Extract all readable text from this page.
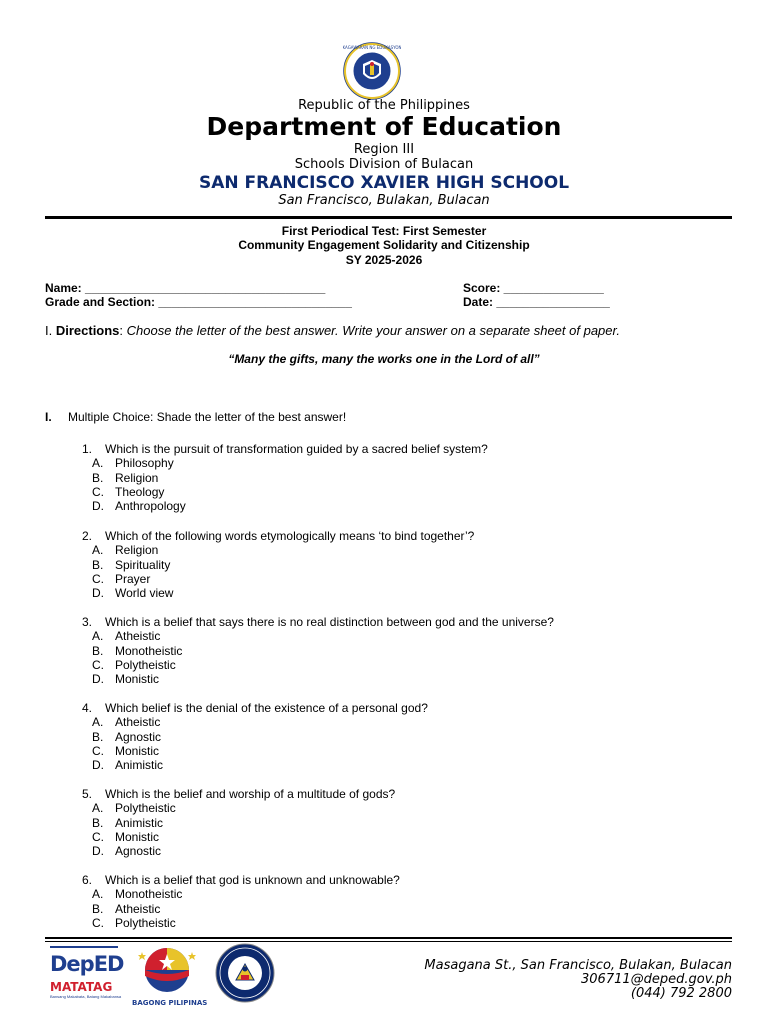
KAGAWARAN NG EDUKASYON
Republic of the Philippines
Department of Education
Region III
Schools Division of Bulacan
SAN FRANCISCO XAVIER HIGH SCHOOL
San Francisco, Bulakan, Bulacan
First Periodical Test: First Semester
Community Engagement Solidarity and Citizenship
SY 2025-2026
Name: ____________________________________
Grade and Section: _____________________________
Score: _______________
Date: _________________
I. Directions: Choose the letter of the best answer. Write your answer on a separate sheet of paper.
“Many the gifts, many the works one in the Lord of all”
I. Multiple Choice: Shade the letter of the best answer!
1. Which is the pursuit of transformation guided by a sacred belief system?
A. Philosophy
B. Religion
C. Theology
D. Anthropology
2. Which of the following words etymologically means ‘to bind together’?
A. Religion
B. Spirituality
C. Prayer
D. World view
3. Which is a belief that says there is no real distinction between god and the universe?
A. Atheistic
B. Monotheistic
C. Polytheistic
D. Monistic
4. Which belief is the denial of the existence of a personal god?
A. Atheistic
B. Agnostic
C. Monistic
D. Animistic
5. Which is the belief and worship of a multitude of gods?
A. Polytheistic
B. Animistic
C. Monistic
D. Agnostic
6. Which is a belief that god is unknown and unknowable?
A. Monotheistic
B. Atheistic
C. Polytheistic
DepED
MATATAG
Bansang Makabata, Batang Makabansa
BAGONG PILIPINAS
Masagana St., San Francisco, Bulakan, Bulacan
306711@deped.gov.ph
(044) 792 2800
